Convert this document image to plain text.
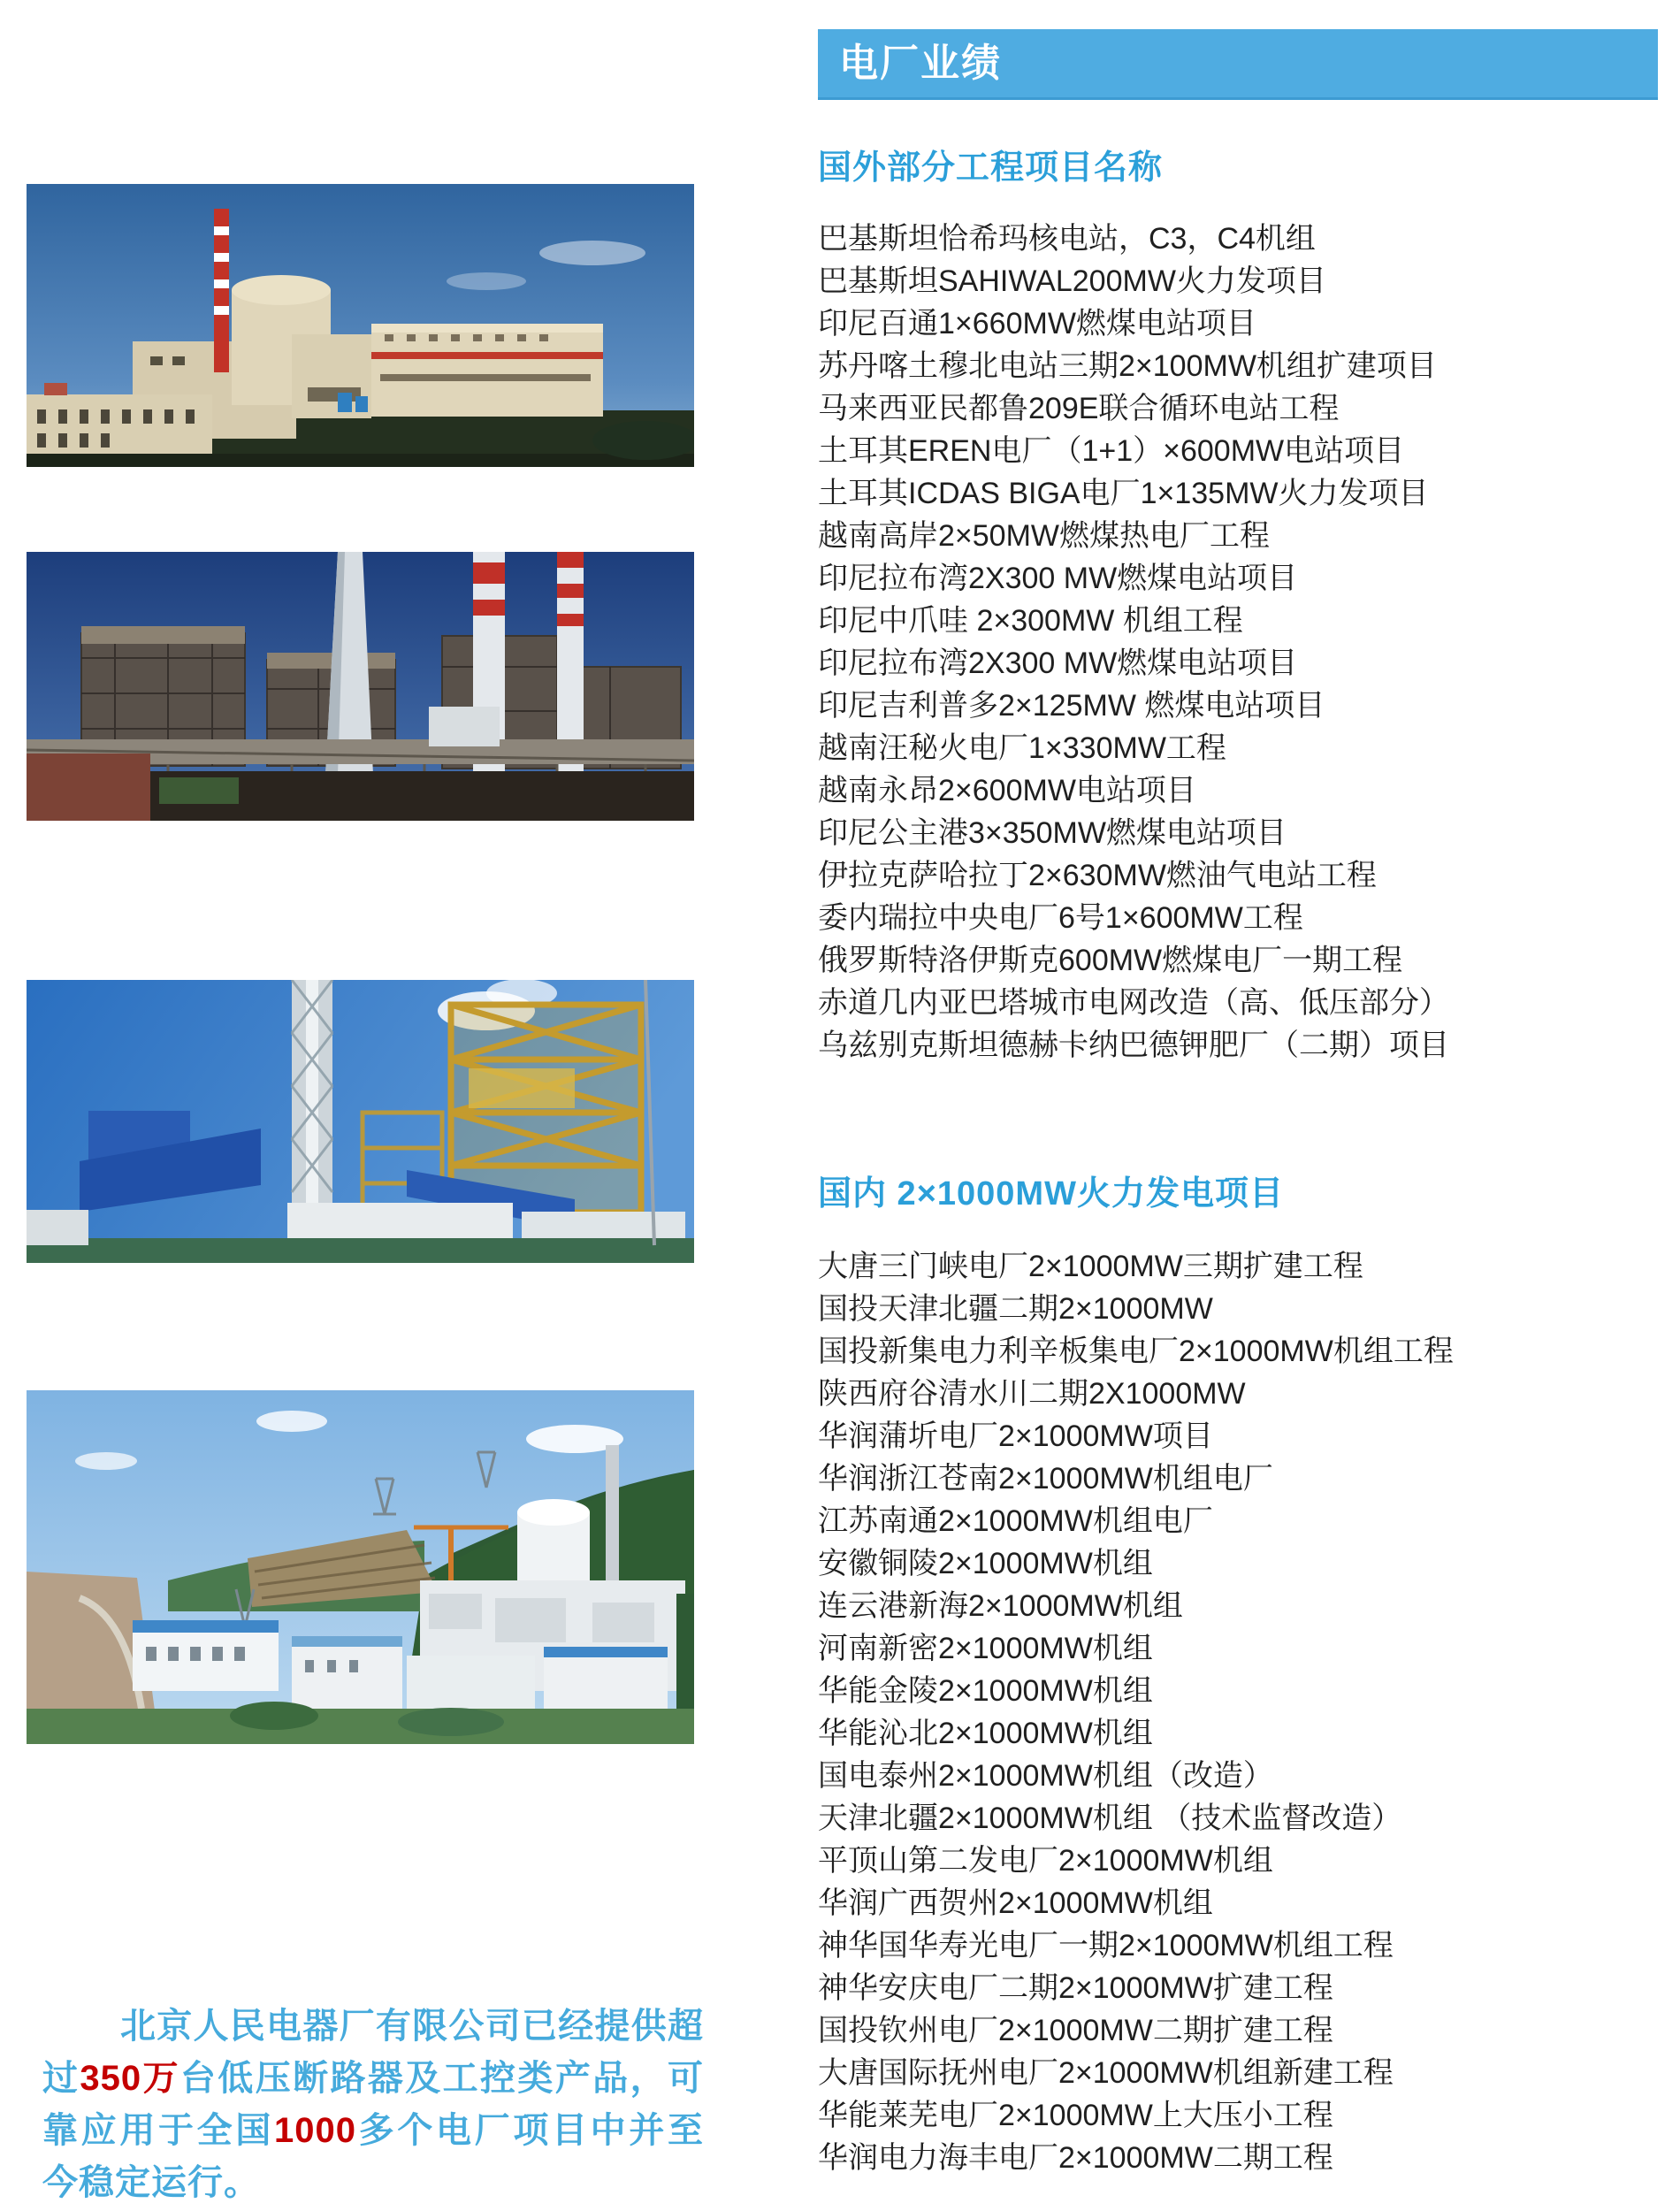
北京人民电器厂有限公司已经提供超过350万台低压断路器及工控类产品，可靠应用于全国1000多个电厂项目中并至今稳定运行。

电厂业绩
国外部分工程项目名称
巴基斯坦恰希玛核电站，C3，C4机组
巴基斯坦SAHIWAL200MW火力发项目
印尼百通1×660MW燃煤电站项目
苏丹喀土穆北电站三期2×100MW机组扩建项目
马来西亚民都鲁209E联合循环电站工程
土耳其EREN电厂（1+1）×600MW电站项目
土耳其ICDAS BIGA电厂1×135MW火力发项目
越南高岸2×50MW燃煤热电厂工程
印尼拉布湾2X300 MW燃煤电站项目
印尼中爪哇 2×300MW 机组工程
印尼拉布湾2X300 MW燃煤电站项目
印尼吉利普多2×125MW 燃煤电站项目
越南汪秘火电厂1×330MW工程
越南永昂2×600MW电站项目
印尼公主港3×350MW燃煤电站项目
伊拉克萨哈拉丁2×630MW燃油气电站工程
委内瑞拉中央电厂6号1×600MW工程
俄罗斯特洛伊斯克600MW燃煤电厂一期工程
赤道几内亚巴塔城市电网改造（高、低压部分）
乌兹别克斯坦德赫卡纳巴德钾肥厂（二期）项目
国内 2×1000MW火力发电项目
大唐三门峡电厂2×1000MW三期扩建工程
国投天津北疆二期2×1000MW
国投新集电力利辛板集电厂2×1000MW机组工程
陕西府谷清水川二期2X1000MW
华润蒲圻电厂2×1000MW项目
华润浙江苍南2×1000MW机组电厂
江苏南通2×1000MW机组电厂
安徽铜陵2×1000MW机组
连云港新海2×1000MW机组
河南新密2×1000MW机组
华能金陵2×1000MW机组
华能沁北2×1000MW机组
国电泰州2×1000MW机组（改造）
天津北疆2×1000MW机组 （技术监督改造）
平顶山第二发电厂2×1000MW机组
华润广西贺州2×1000MW机组
神华国华寿光电厂一期2×1000MW机组工程
神华安庆电厂二期2×1000MW扩建工程
国投钦州电厂2×1000MW二期扩建工程
大唐国际抚州电厂2×1000MW机组新建工程
华能莱芜电厂2×1000MW上大压小工程
华润电力海丰电厂2×1000MW二期工程
